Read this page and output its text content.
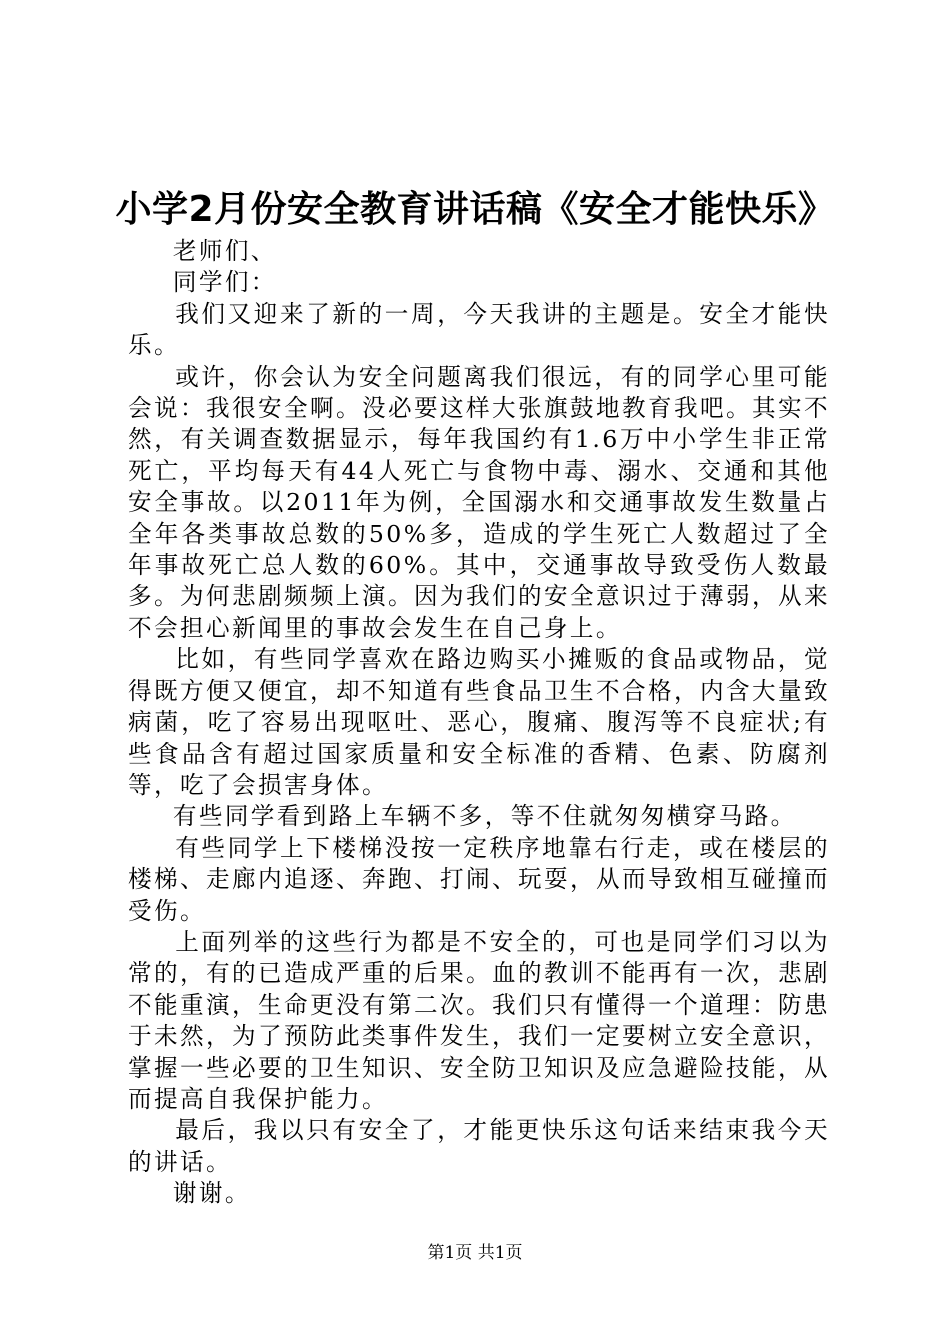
小学2月份安全教育讲话稿《安全才能快乐》

老师们、

同学们：

我们又迎来了新的一周，今天我讲的主题是。安全才能快乐。

或许，你会认为安全问题离我们很远，有的同学心里可能会说：我很安全啊。没必要这样大张旗鼓地教育我吧。其实不然，有关调查数据显示，每年我国约有1.6万中小学生非正常死亡，平均每天有44人死亡与食物中毒、溺水、交通和其他安全事故。以2011年为例，全国溺水和交通事故发生数量占全年各类事故总数的50%多，造成的学生死亡人数超过了全年事故死亡总人数的60%。其中，交通事故导致受伤人数最多。为何悲剧频频上演。因为我们的安全意识过于薄弱，从来不会担心新闻里的事故会发生在自己身上。

比如，有些同学喜欢在路边购买小摊贩的食品或物品，觉得既方便又便宜，却不知道有些食品卫生不合格，内含大量致病菌，吃了容易出现呕吐、恶心，腹痛、腹泻等不良症状;有些食品含有超过国家质量和安全标准的香精、色素、防腐剂等，吃了会损害身体。

有些同学看到路上车辆不多，等不住就匆匆横穿马路。

有些同学上下楼梯没按一定秩序地靠右行走，或在楼层的楼梯、走廊内追逐、奔跑、打闹、玩耍，从而导致相互碰撞而受伤。

上面列举的这些行为都是不安全的，可也是同学们习以为常的，有的已造成严重的后果。血的教训不能再有一次，悲剧不能重演，生命更没有第二次。我们只有懂得一个道理：防患于未然，为了预防此类事件发生，我们一定要树立安全意识，掌握一些必要的卫生知识、安全防卫知识及应急避险技能，从而提高自我保护能力。

最后，我以只有安全了，才能更快乐这句话来结束我今天的讲话。

谢谢。

第1页 共1页
